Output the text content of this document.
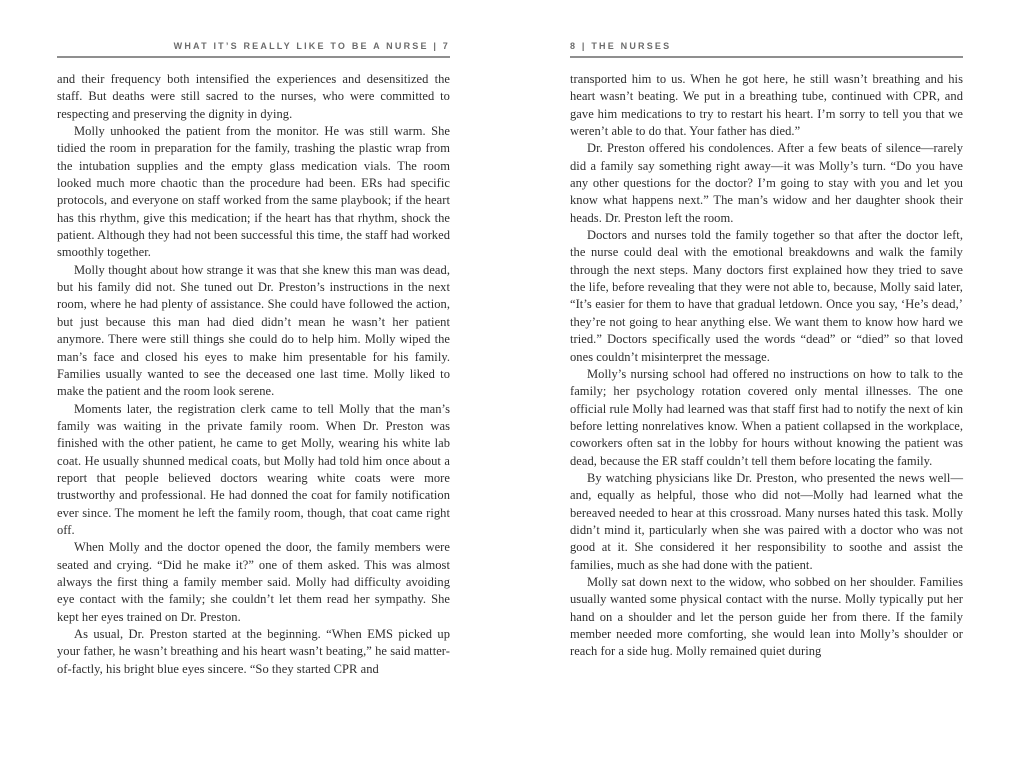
WHAT IT’S REALLY LIKE TO BE A NURSE | 7

and their frequency both intensified the experiences and desensitized the staff. But deaths were still sacred to the nurses, who were committed to respecting and preserving the dignity in dying.

Molly unhooked the patient from the monitor. He was still warm. She tidied the room in preparation for the family, trashing the plastic wrap from the intubation supplies and the empty glass medication vials. The room looked much more chaotic than the procedure had been. ERs had specific protocols, and everyone on staff worked from the same playbook; if the heart has this rhythm, give this medication; if the heart has that rhythm, shock the patient. Although they had not been successful this time, the staff had worked smoothly together.

Molly thought about how strange it was that she knew this man was dead, but his family did not. She tuned out Dr. Preston’s instructions in the next room, where he had plenty of assistance. She could have followed the action, but just because this man had died didn’t mean he wasn’t her patient anymore. There were still things she could do to help him. Molly wiped the man’s face and closed his eyes to make him presentable for his family. Families usually wanted to see the deceased one last time. Molly liked to make the patient and the room look serene.

Moments later, the registration clerk came to tell Molly that the man’s family was waiting in the private family room. When Dr. Preston was finished with the other patient, he came to get Molly, wearing his white lab coat. He usually shunned medical coats, but Molly had told him once about a report that people believed doctors wearing white coats were more trustworthy and professional. He had donned the coat for family notification ever since. The moment he left the family room, though, that coat came right off.

When Molly and the doctor opened the door, the family members were seated and crying. “Did he make it?” one of them asked. This was almost always the first thing a family member said. Molly had difficulty avoiding eye contact with the family; she couldn’t let them read her sympathy. She kept her eyes trained on Dr. Preston.

As usual, Dr. Preston started at the beginning. “When EMS picked up your father, he wasn’t breathing and his heart wasn’t beating,” he said matter-of-factly, his bright blue eyes sincere. “So they started CPR and

8 | THE NURSES

transported him to us. When he got here, he still wasn’t breathing and his heart wasn’t beating. We put in a breathing tube, continued with CPR, and gave him medications to try to restart his heart. I’m sorry to tell you that we weren’t able to do that. Your father has died.”

Dr. Preston offered his condolences. After a few beats of silence—rarely did a family say something right away—it was Molly’s turn. “Do you have any other questions for the doctor? I’m going to stay with you and let you know what happens next.” The man’s widow and her daughter shook their heads. Dr. Preston left the room.

Doctors and nurses told the family together so that after the doctor left, the nurse could deal with the emotional breakdowns and walk the family through the next steps. Many doctors first explained how they tried to save the life, before revealing that they were not able to, because, Molly said later, “It’s easier for them to have that gradual letdown. Once you say, ‘He’s dead,’ they’re not going to hear anything else. We want them to know how hard we tried.” Doctors specifically used the words “dead” or “died” so that loved ones couldn’t misinterpret the message.

Molly’s nursing school had offered no instructions on how to talk to the family; her psychology rotation covered only mental illnesses. The one official rule Molly had learned was that staff first had to notify the next of kin before letting nonrelatives know. When a patient collapsed in the workplace, coworkers often sat in the lobby for hours without knowing the patient was dead, because the ER staff couldn’t tell them before locating the family.

By watching physicians like Dr. Preston, who presented the news well—and, equally as helpful, those who did not—Molly had learned what the bereaved needed to hear at this crossroad. Many nurses hated this task. Molly didn’t mind it, particularly when she was paired with a doctor who was not good at it. She considered it her responsibility to soothe and assist the families, much as she had done with the patient.

Molly sat down next to the widow, who sobbed on her shoulder. Families usually wanted some physical contact with the nurse. Molly typically put her hand on a shoulder and let the person guide her from there. If the family member needed more comforting, she would lean into Molly’s shoulder or reach for a side hug. Molly remained quiet during
